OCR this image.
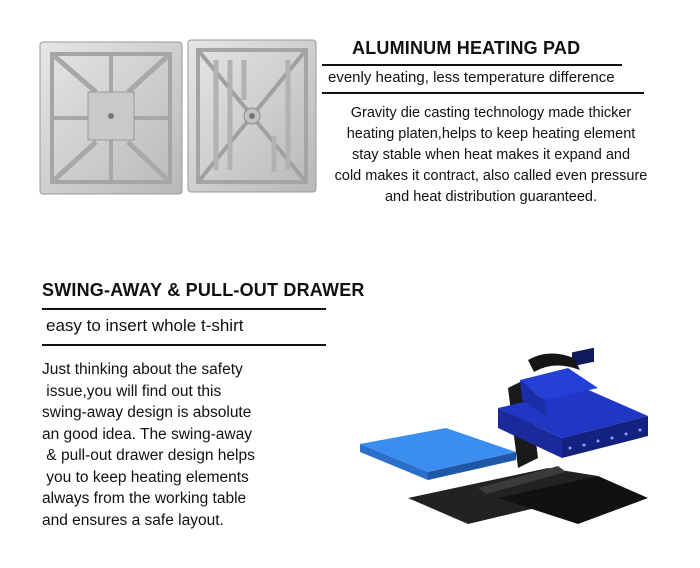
ALUMINUM HEATING PAD
evenly heating, less temperature difference
Gravity die casting technology made thicker
heating platen,helps to keep heating element
stay stable when heat makes it expand and
cold makes it contract, also called even pressure
and heat distribution guaranteed.
SWING-AWAY & PULL-OUT DRAWER
easy to insert whole t-shirt
Just thinking about the safety
issue,you will find out this
swing-away design is absolute
an good idea. The swing-away
& pull-out drawer design helps
you to keep heating elements
always from the working table
and ensures a safe layout.
